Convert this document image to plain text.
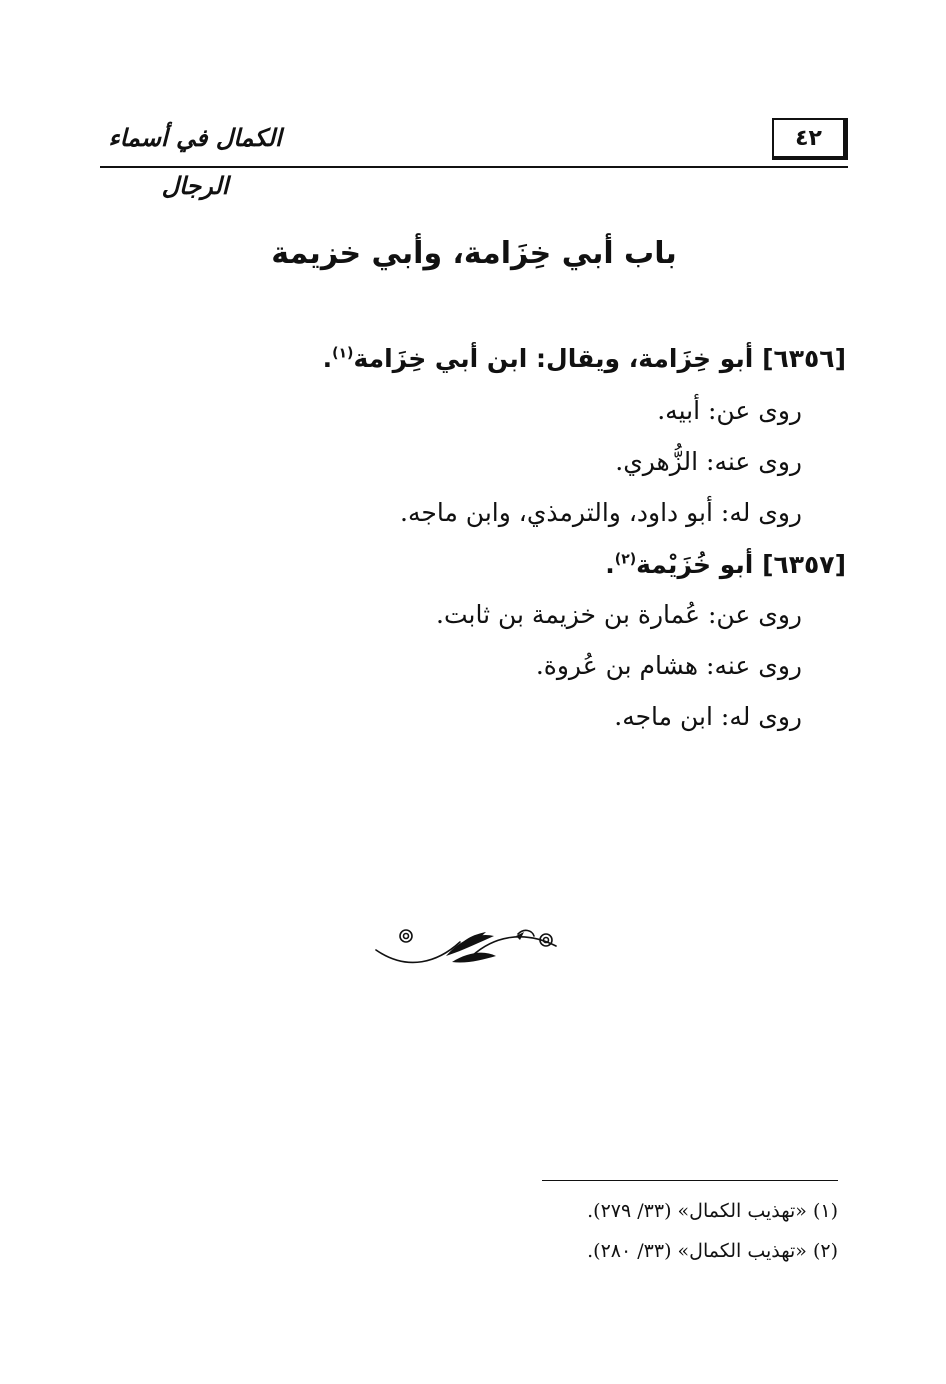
الكمال في أسماء الرجال
٤٢
باب أبي خِزَامة، وأبي خزيمة
[٦٣٥٦] أبو خِزَامة، ويقال: ابن أبي خِزَامة$^{(١)}$.
روى عن: أبيه.
روى عنه: الزُّهري.
روى له: أبو داود، والترمذي، وابن ماجه.
[٦٣٥٧] أبو خُزَيْمة$^{(٢)}$.
روى عن: عُمارة بن خزيمة بن ثابت.
روى عنه: هشام بن عُروة.
روى له: ابن ماجه.
(١) «تهذيب الكمال» (٣٣/ ٢٧٩).
(٢) «تهذيب الكمال» (٣٣/ ٢٨٠).
